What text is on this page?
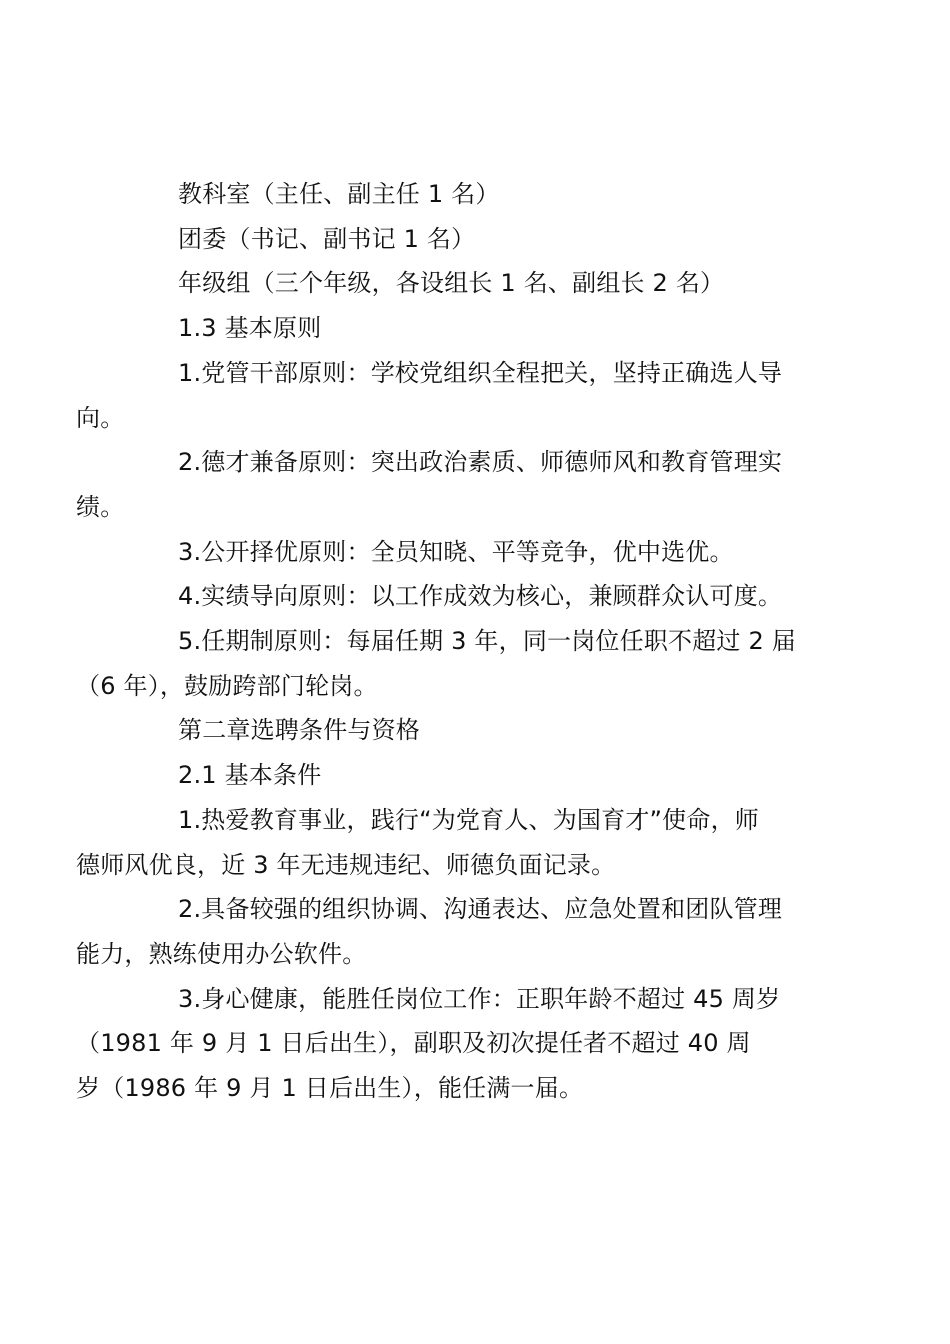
教科室（主任、副主任 1 名）

团委（书记、副书记 1 名）

年级组（三个年级，各设组长 1 名、副组长 2 名）

1.3 基本原则

1.党管干部原则：学校党组织全程把关，坚持正确选人导
向。

2.德才兼备原则：突出政治素质、师德师风和教育管理实
绩。

3.公开择优原则：全员知晓、平等竞争，优中选优。

4.实绩导向原则：以工作成效为核心，兼顾群众认可度。

5.任期制原则：每届任期 3 年，同一岗位任职不超过 2 届
（6 年），鼓励跨部门轮岗。

第二章选聘条件与资格

2.1 基本条件

1.热爱教育事业，践行“为党育人、为国育才”使命，师
德师风优良，近 3 年无违规违纪、师德负面记录。

2.具备较强的组织协调、沟通表达、应急处置和团队管理
能力，熟练使用办公软件。

3.身心健康，能胜任岗位工作：正职年龄不超过 45 周岁
（1981 年 9 月 1 日后出生），副职及初次提任者不超过 40 周
岁（1986 年 9 月 1 日后出生），能任满一届。
